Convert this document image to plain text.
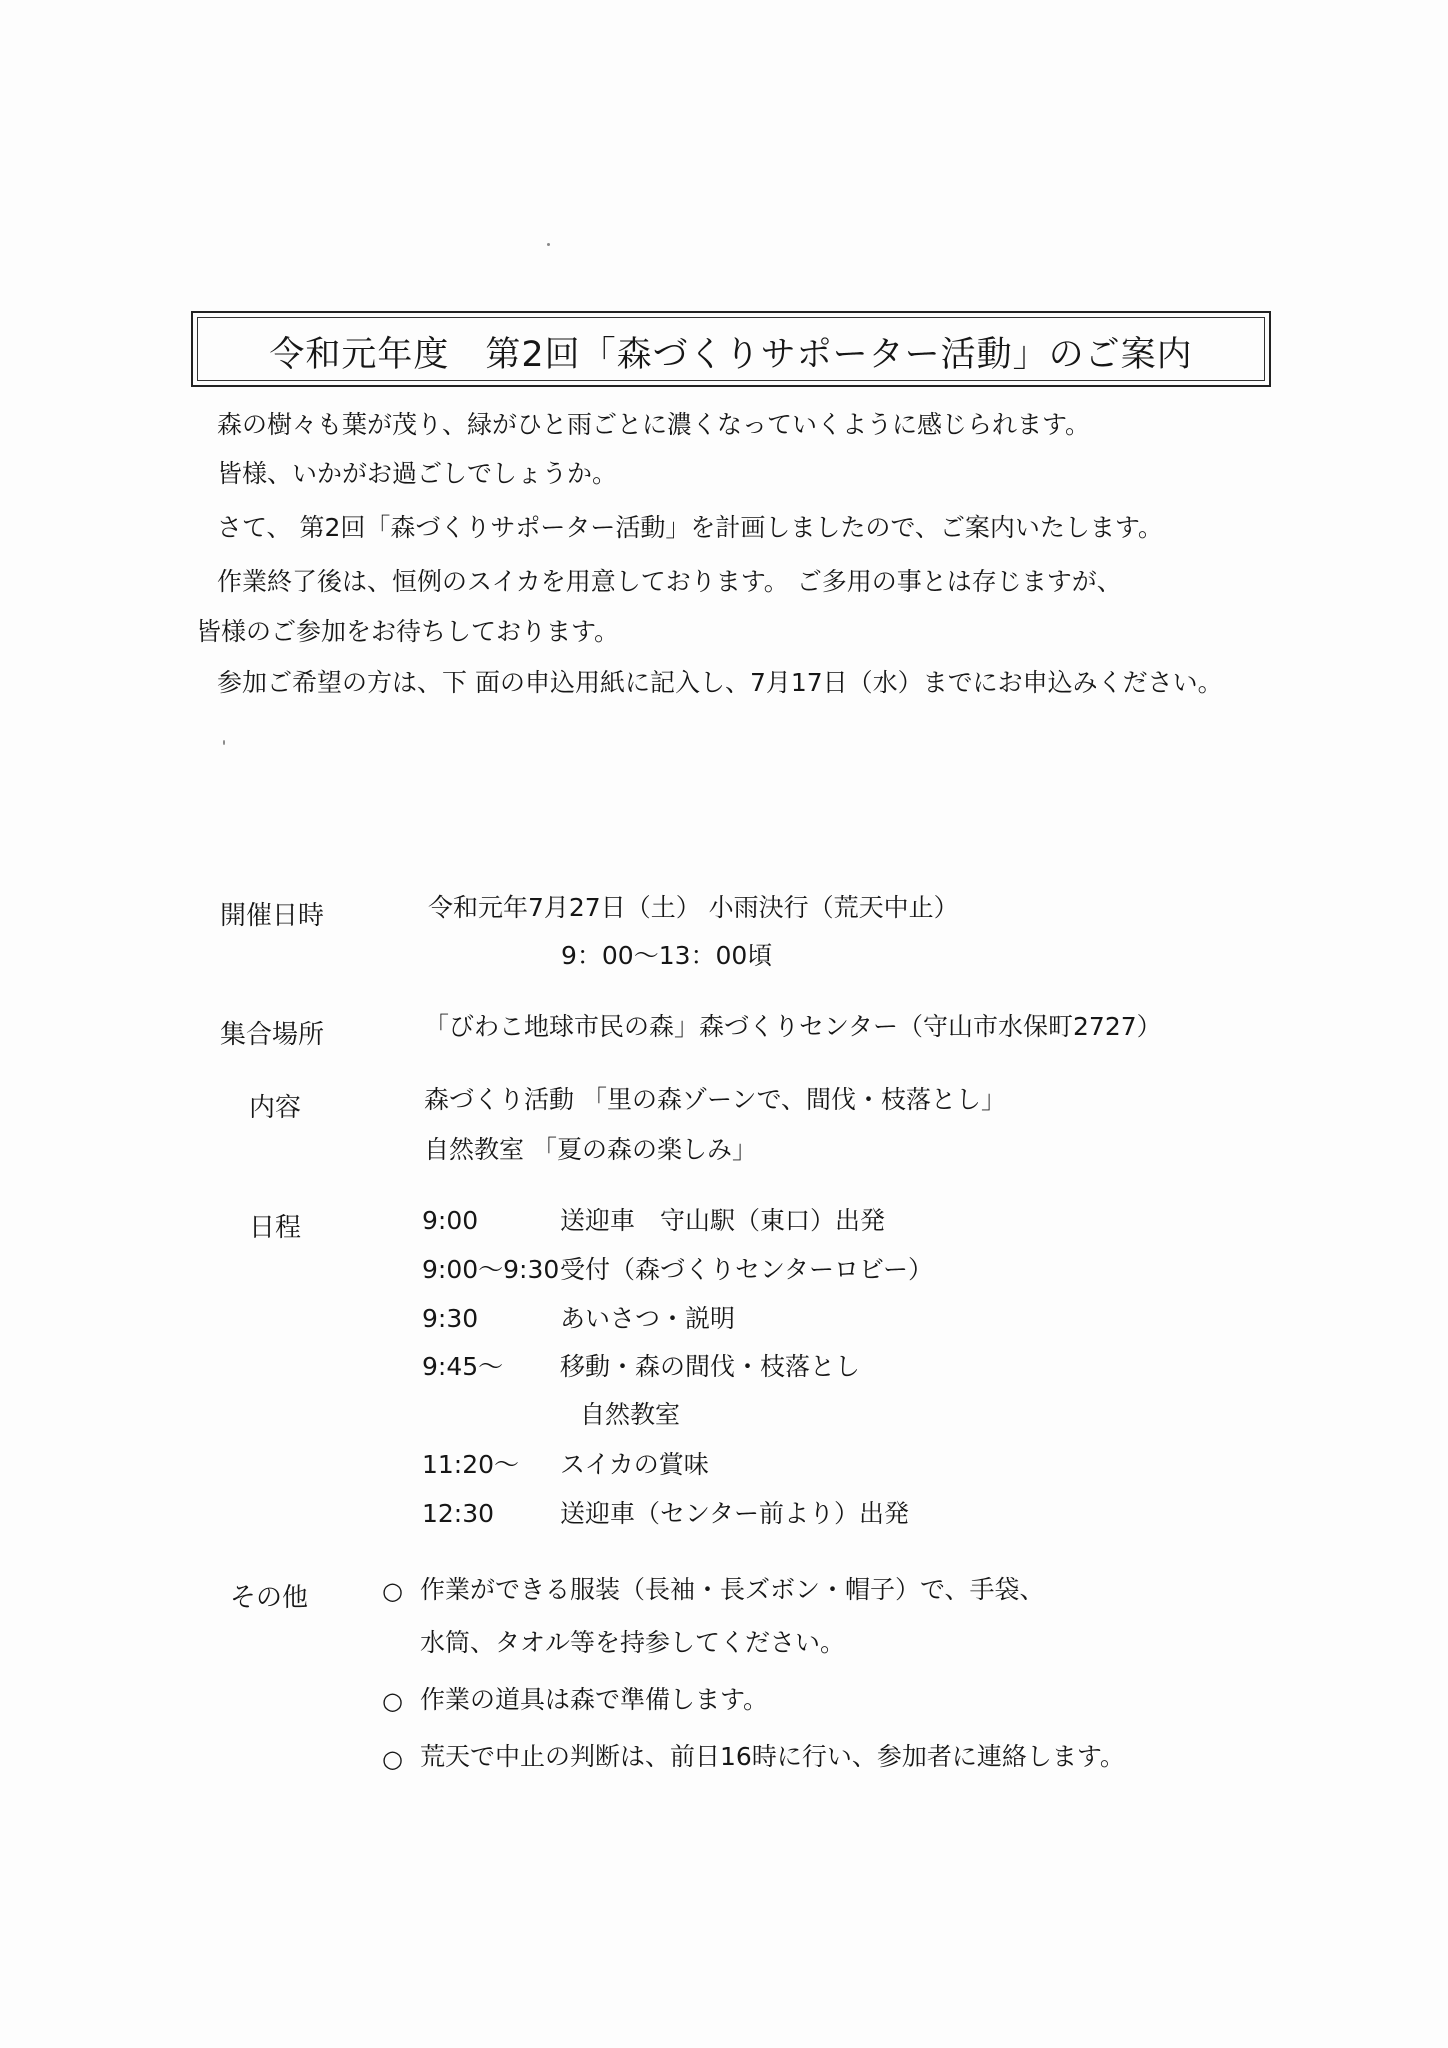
令和元年度　第2回「森づくりサポーター活動」のご案内
森の樹々も葉が茂り、緑がひと雨ごとに濃くなっていくように感じられます。
皆様、いかがお過ごしでしょうか。
さて、 第2回「森づくりサポーター活動」を計画しましたので、ご案内いたします。
作業終了後は、恒例のスイカを用意しております。 ご多用の事とは存じますが、
皆様のご参加をお待ちしております。
参加ご希望の方は、下 面の申込用紙に記入し、7月17日（水）までにお申込みください。
開催日時	令和元年7月27日（土） 小雨決行（荒天中止）
9：00～13：00頃
集合場所	「びわこ地球市民の森」森づくりセンター（守山市水保町2727）
内容	森づくり活動 「里の森ゾーンで、間伐・枝落とし」
自然教室 「夏の森の楽しみ」
日程	9:00	送迎車　守山駅（東口）出発
9:00～9:30 受付（森づくりセンターロビー）
9:30	あいさつ・説明
9:45～ 移動・森の間伐・枝落とし
自然教室
11:20～ スイカの賞味
12:30	送迎車（センター前より）出発
その他	○ 作業ができる服装（長袖・長ズボン・帽子）で、手袋、
水筒、タオル等を持参してください。
○ 作業の道具は森で準備します。
○ 荒天で中止の判断は、前日16時に行い、参加者に連絡します。
